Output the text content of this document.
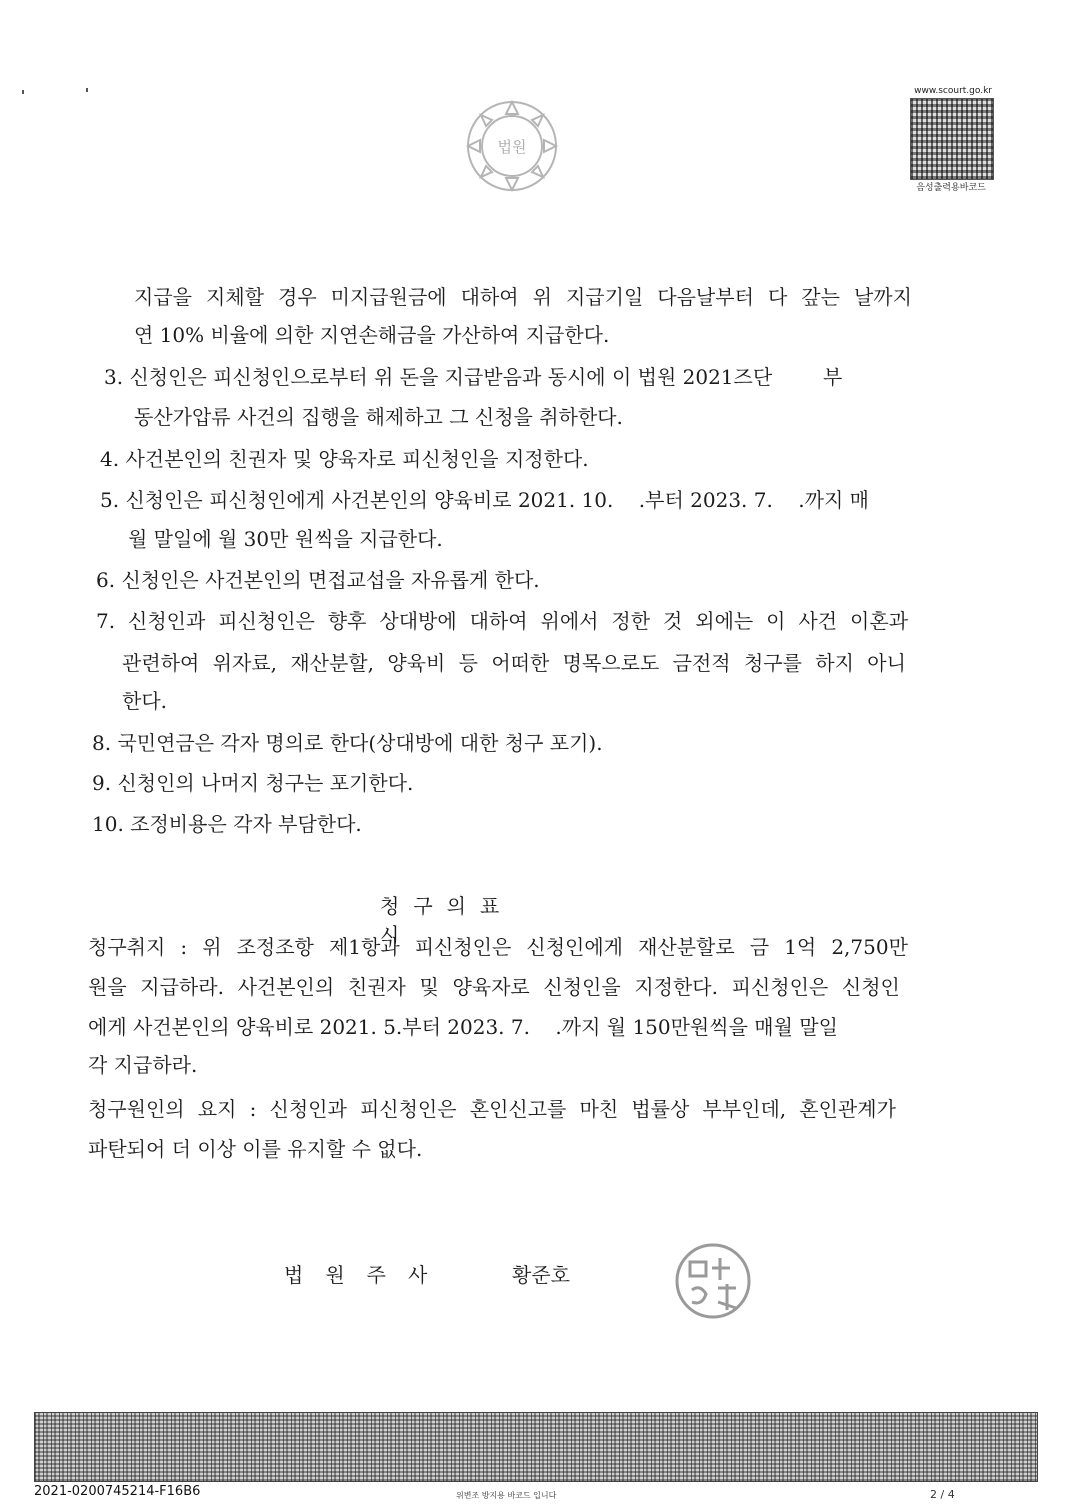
법원
www.scourt.go.kr
음성출력용바코드
지급을 지체할 경우 미지급원금에 대하여 위 지급기일 다음날부터 다 갚는 날까지
연 10% 비율에 의한 지연손해금을 가산하여 지급한다.
3. 신청인은 피신청인으로부터 위 돈을 지급받음과 동시에 이 법원 2021즈단        부
동산가압류 사건의 집행을 해제하고 그 신청을 취하한다.
4. 사건본인의 친권자 및 양육자로 피신청인을 지정한다.
5. 신청인은 피신청인에게 사건본인의 양육비로 2021. 10.    .부터 2023. 7.    .까지 매
월 말일에 월 30만 원씩을 지급한다.
6. 신청인은 사건본인의 면접교섭을 자유롭게 한다.
7. 신청인과 피신청인은 향후 상대방에 대하여 위에서 정한 것 외에는 이 사건 이혼과
관련하여 위자료, 재산분할, 양육비 등 어떠한 명목으로도 금전적 청구를 하지 아니
한다.
8. 국민연금은 각자 명의로 한다(상대방에 대한 청구 포기).
9. 신청인의 나머지 청구는 포기한다.
10. 조정비용은 각자 부담한다.
청구의표시
청구취지 : 위 조정조항 제1항과 피신청인은 신청인에게 재산분할로 금 1억 2,750만
원을 지급하라. 사건본인의 친권자 및 양육자로 신청인을 지정한다. 피신청인은 신청인
에게 사건본인의 양육비로 2021. 5.부터 2023. 7.    .까지 월 150만원씩을 매월 말일
각 지급하라.
청구원인의 요지 : 신청인과 피신청인은 혼인신고를 마친 법률상 부부인데, 혼인관계가
파탄되어 더 이상 이를 유지할 수 없다.
법원주사	황준호
2021-0200745214-F16B6	위변조 방지용 바코드 입니다	2 / 4
